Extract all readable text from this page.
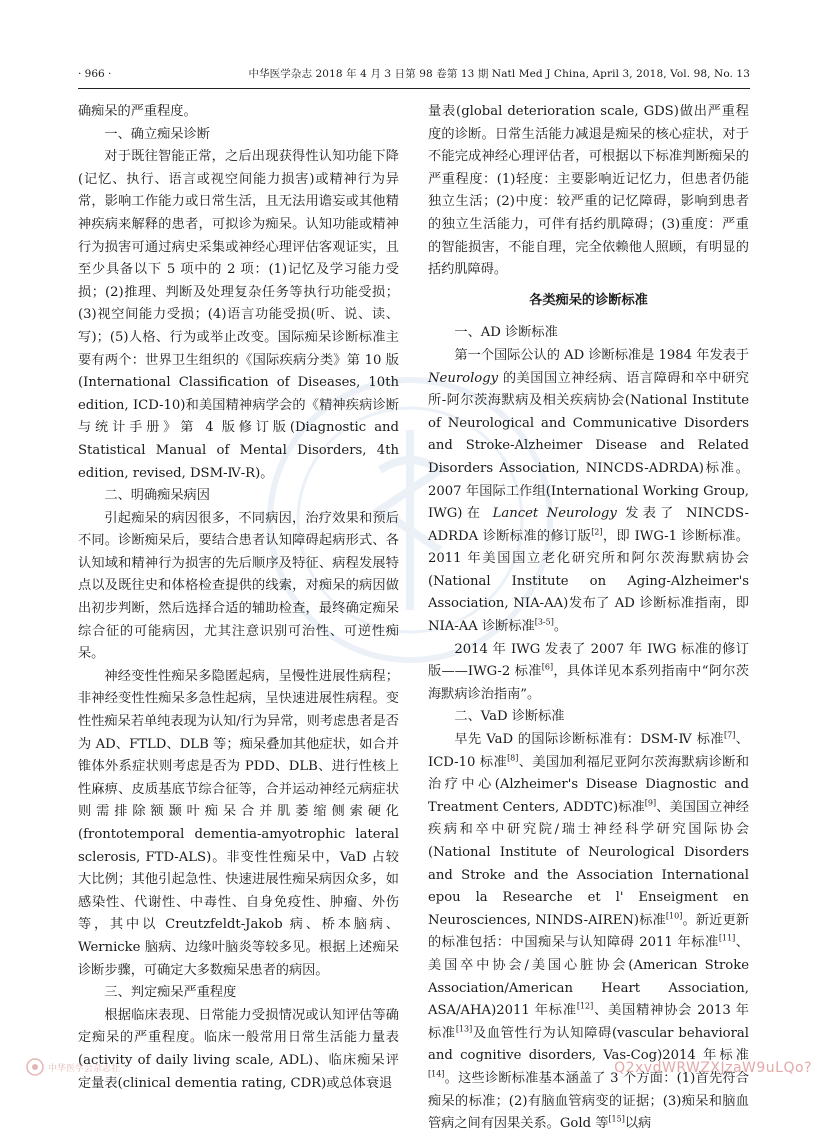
· 966 ·	中华医学杂志 2018 年 4 月 3 日第 98 卷第 13 期 Natl Med J China, April 3, 2018, Vol. 98, No. 13

确痴呆的严重程度。

一、确立痴呆诊断

对于既往智能正常，之后出现获得性认知功能下降(记忆、执行、语言或视空间能力损害)或精神行为异常，影响工作能力或日常生活，且无法用谵妄或其他精神疾病来解释的患者，可拟诊为痴呆。认知功能或精神行为损害可通过病史采集或神经心理评估客观证实，且至少具备以下 5 项中的 2 项：(1)记忆及学习能力受损；(2)推理、判断及处理复杂任务等执行功能受损；(3)视空间能力受损；(4)语言功能受损(听、说、读、写)；(5)人格、行为或举止改变。国际痴呆诊断标准主要有两个：世界卫生组织的《国际疾病分类》第 10 版(International Classification of Diseases, 10th edition, ICD-10)和美国精神病学会的《精神疾病诊断与统计手册》第 4 版修订版(Diagnostic and Statistical Manual of Mental Disorders, 4th edition, revised, DSM-Ⅳ-R)。

二、明确痴呆病因

引起痴呆的病因很多，不同病因，治疗效果和预后不同。诊断痴呆后，要结合患者认知障碍起病形式、各认知域和精神行为损害的先后顺序及特征、病程发展特点以及既往史和体格检查提供的线索，对痴呆的病因做出初步判断，然后选择合适的辅助检查，最终确定痴呆综合征的可能病因，尤其注意识别可治性、可逆性痴呆。

神经变性性痴呆多隐匿起病，呈慢性进展性病程；非神经变性性痴呆多急性起病，呈快速进展性病程。变性性痴呆若单纯表现为认知/行为异常，则考虑患者是否为 AD、FTLD、DLB 等；痴呆叠加其他症状，如合并锥体外系症状则考虑是否为 PDD、DLB、进行性核上性麻痹、皮质基底节综合征等，合并运动神经元病症状则需排除额颞叶痴呆合并肌萎缩侧索硬化(frontotemporal dementia-amyotrophic lateral sclerosis, FTD-ALS)。非变性性痴呆中，VaD 占较大比例；其他引起急性、快速进展性痴呆病因众多，如感染性、代谢性、中毒性、自身免疫性、肿瘤、外伤等，其中以 Creutzfeldt-Jakob 病、桥本脑病、Wernicke 脑病、边缘叶脑炎等较多见。根据上述痴呆诊断步骤，可确定大多数痴呆患者的病因。

三、判定痴呆严重程度

根据临床表现、日常能力受损情况或认知评估等确定痴呆的严重程度。临床一般常用日常生活能力量表(activity of daily living scale, ADL)、临床痴呆评定量表(clinical dementia rating, CDR)或总体衰退

量表(global deterioration scale, GDS)做出严重程度的诊断。日常生活能力减退是痴呆的核心症状，对于不能完成神经心理评估者，可根据以下标准判断痴呆的严重程度：(1)轻度：主要影响近记忆力，但患者仍能独立生活；(2)中度：较严重的记忆障碍，影响到患者的独立生活能力，可伴有括约肌障碍；(3)重度：严重的智能损害，不能自理，完全依赖他人照顾，有明显的括约肌障碍。

各类痴呆的诊断标准
一、AD 诊断标准

第一个国际公认的 AD 诊断标准是 1984 年发表于 Neurology 的美国国立神经病、语言障碍和卒中研究所-阿尔茨海默病及相关疾病协会(National Institute of Neurological and Communicative Disorders and Stroke-Alzheimer Disease and Related Disorders Association, NINCDS-ADRDA)标准。2007 年国际工作组(International Working Group, IWG)在 Lancet Neurology 发表了 NINCDS-ADRDA 诊断标准的修订版[2]，即 IWG-1 诊断标准。2011 年美国国立老化研究所和阿尔茨海默病协会(National Institute on Aging-Alzheimer's Association, NIA-AA)发布了 AD 诊断标准指南，即 NIA-AA 诊断标准[3-5]。

2014 年 IWG 发表了 2007 年 IWG 标准的修订版——IWG-2 标准[6]，具体详见本系列指南中“阿尔茨海默病诊治指南”。

二、VaD 诊断标准

早先 VaD 的国际诊断标准有：DSM-Ⅳ 标准[7]、ICD-10 标准[8]、美国加利福尼亚阿尔茨海默病诊断和治疗中心(Alzheimer's Disease Diagnostic and Treatment Centers, ADDTC)标准[9]、美国国立神经疾病和卒中研究院/瑞士神经科学研究国际协会(National Institute of Neurological Disorders and Stroke and the Association International epou la Researche et l' Enseigment en Neurosciences, NINDS-AIREN)标准[10]。新近更新的标准包括：中国痴呆与认知障碍 2011 年标准[11]、美国卒中协会/美国心脏协会(American Stroke Association/American Heart Association, ASA/AHA)2011 年标准[12]、美国精神协会 2013 年标准[13]及血管性行为认知障碍(vascular behavioral and cognitive disorders, Vas-Cog)2014 年标准[14]。这些诊断标准基本涵盖了 3 个方面：(1)首先符合痴呆的标准；(2)有脑血管病变的证据；(3)痴呆和脑血管病之间有因果关系。Gold 等[15]以病

中华医学会杂志社	Q2xvdWRWZXJzaW9uLQo?
